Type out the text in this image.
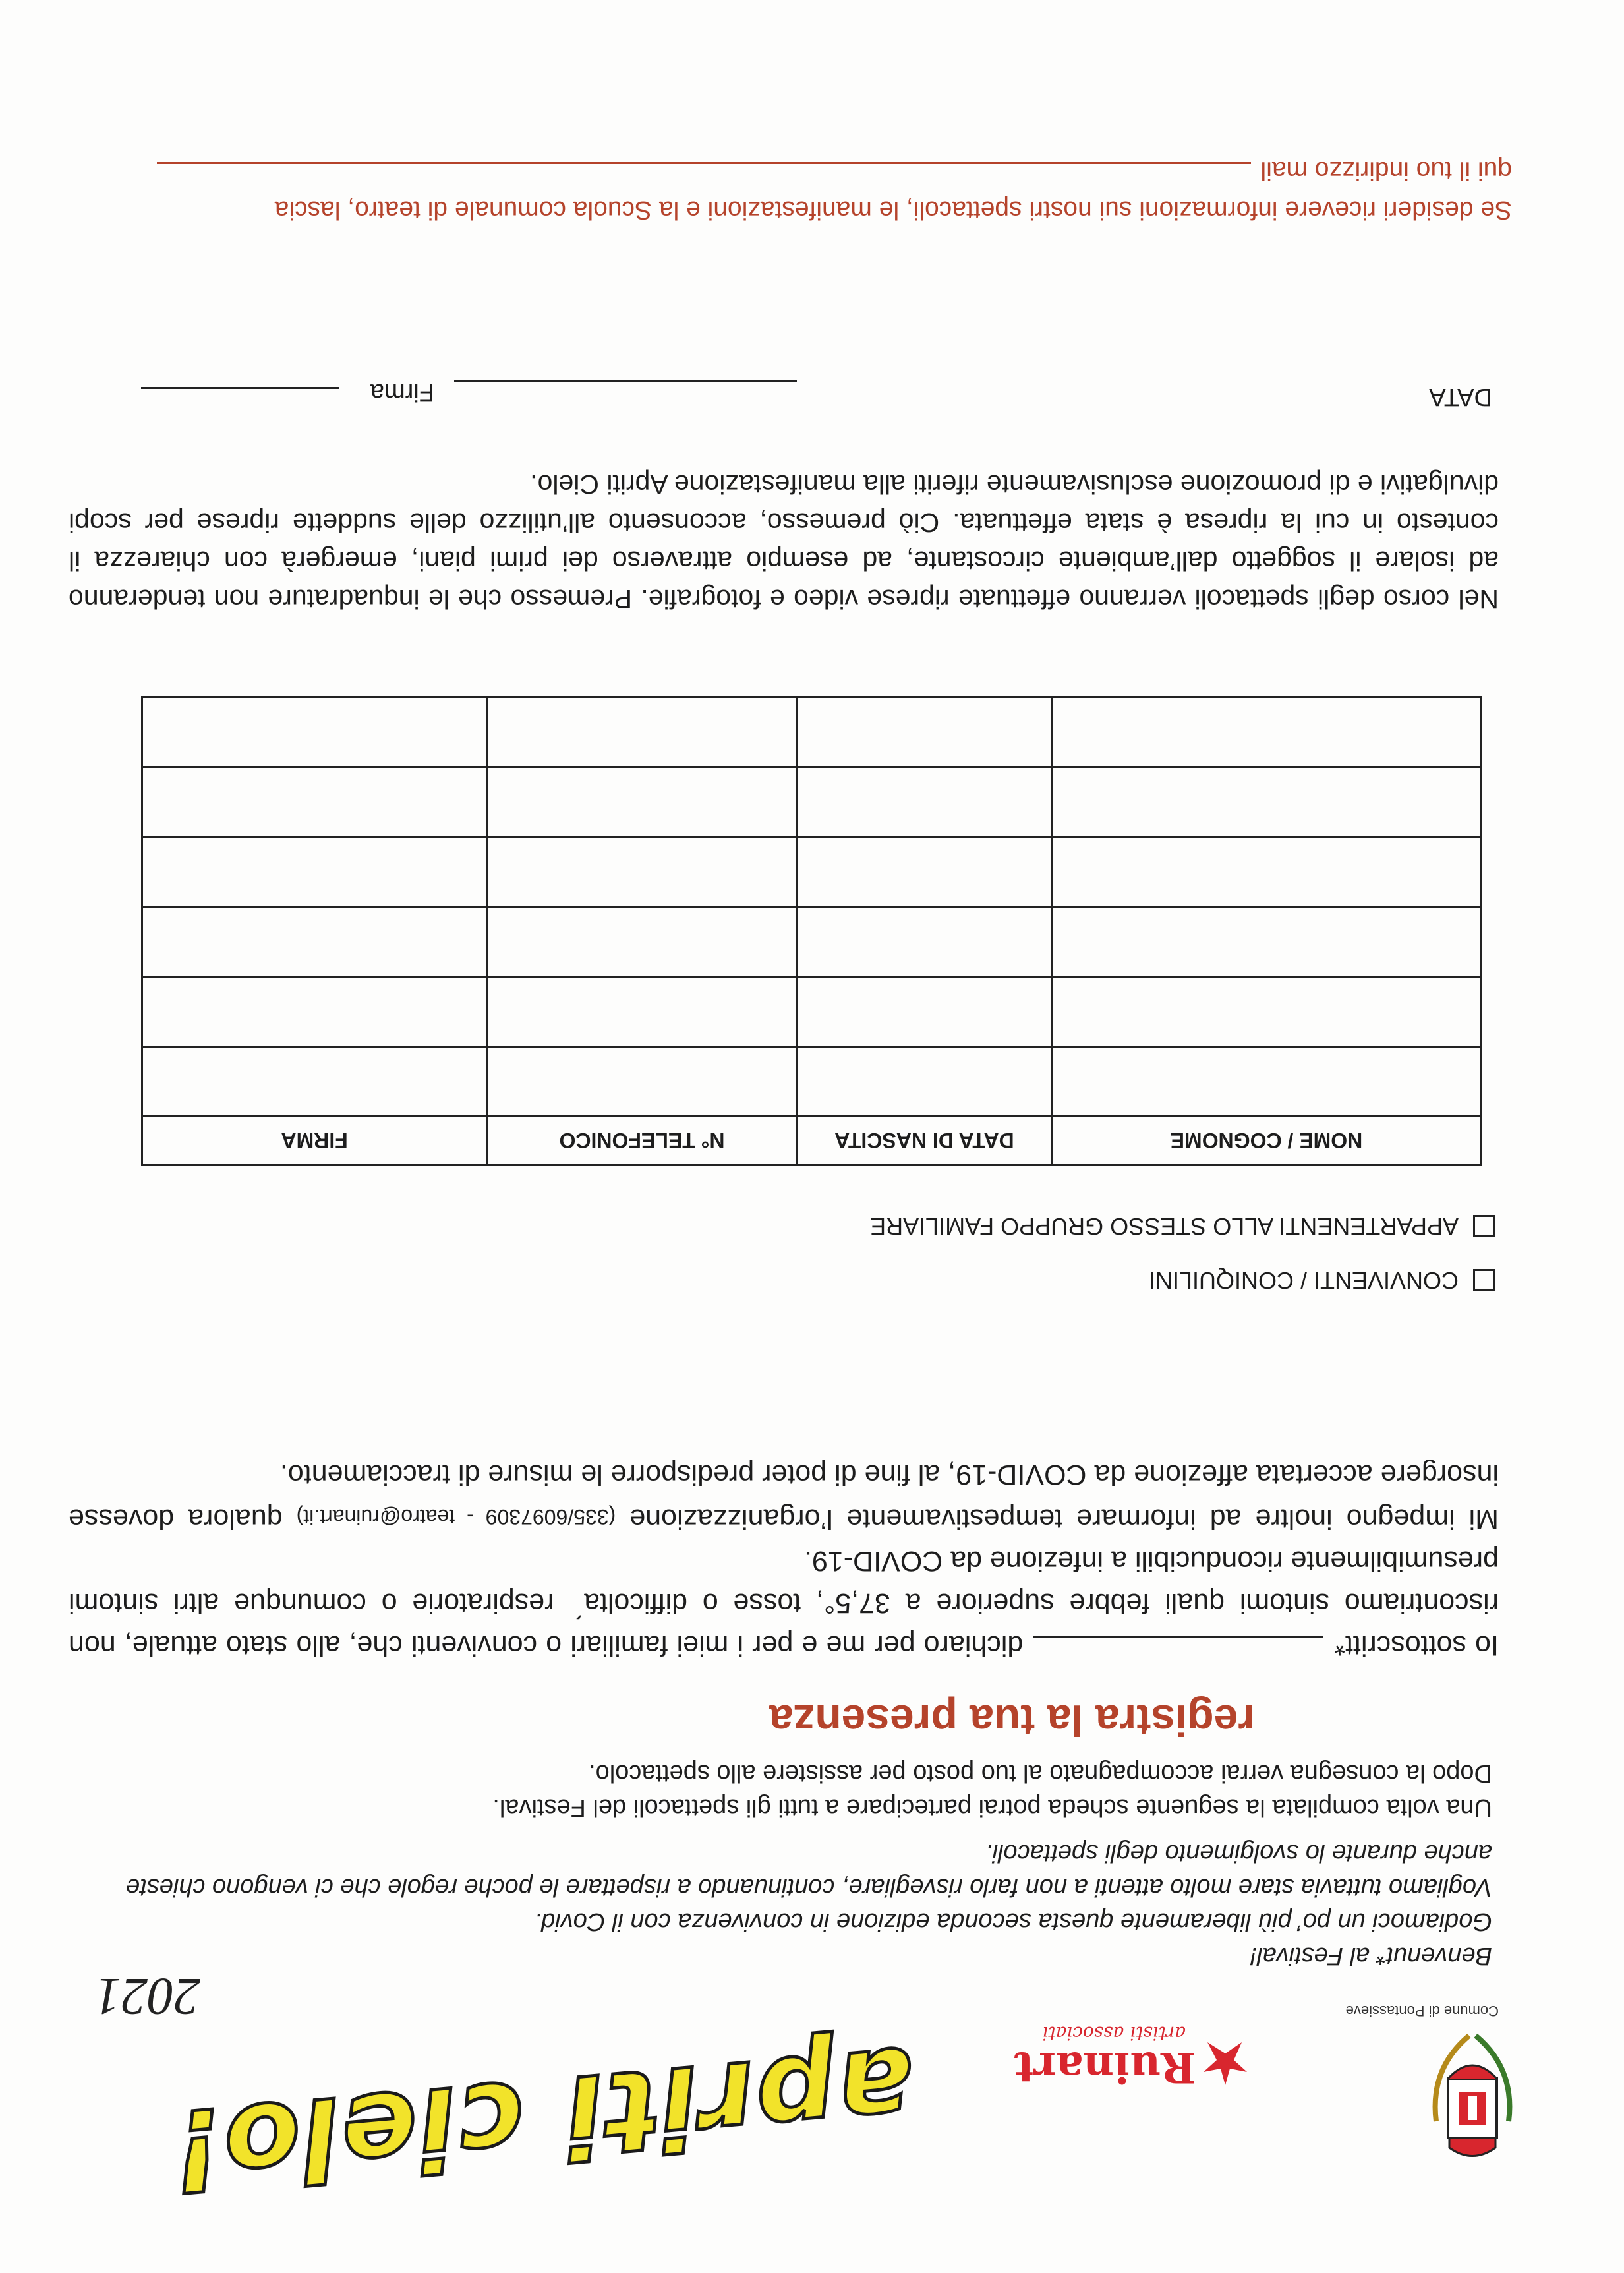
Comune di Pontassieve
Ruinart
artisti associati
apriti cielo!
2021

Benvenut* al Festival!

Godiamoci un po’ più liberamente questa seconda edizione in convivenza con il Covid.

Vogliamo tuttavia stare molto attenti a non farlo risvegliare, continuando a rispettare le poche regole che ci vengono chieste anche durante lo svolgimento degli spettacoli.

Una volta compilata la seguente scheda potrai partecipare a tutti gli spettacoli del Festival.

Dopo la consegna verrai accompagnato al tuo posto per assistere allo spettacolo.

registra la tua presenza

Io sottoscritt*dichiaro per me e per i miei familiari o conviventi che, allo stato attuale, non riscontriamo sintomi quali febbre superiore a 37,5°, tosse o difficolta ́ respiratorie o comunque altri sintomi presumibilmente riconducibili a infezione da COVID-19.

Mi impegno inoltre ad informare tempestivamente l’organizzazione (335/6097309 - teatro@ruinart.it) qualora dovesse insorgere accertata affezione da COVID-19, al fine di poter predisporre le misure di tracciamento.

CONVIVENTI / CONIQUILINI
APPARTENENTI ALLO STESSO GRUPPO FAMILIARE
NOME / COGNOME	DATA DI NASCITA	N° TELEFONICO	FIRMA

Nel corso degli spettacoli verranno effettuate riprese video e fotografie. Premesso che le inquadrature non tenderanno ad isolare il soggetto dall’ambiente circostante, ad esempio attraverso dei primi piani, emergerà con chiarezza il contesto in cui la ripresa è stata effettuata. Ciò premesso, acconsento all’utilizzo delle suddette riprese per scopi divulgativi e di promozione esclusivamente riferiti alla manifestazione Apriti Cielo.

DATA
Firma

Se desideri ricevere informazioni sui nostri spettacoli, le manifestazioni e la Scuola comunale di teatro, lascia

qui il tuo indirizzo mail
